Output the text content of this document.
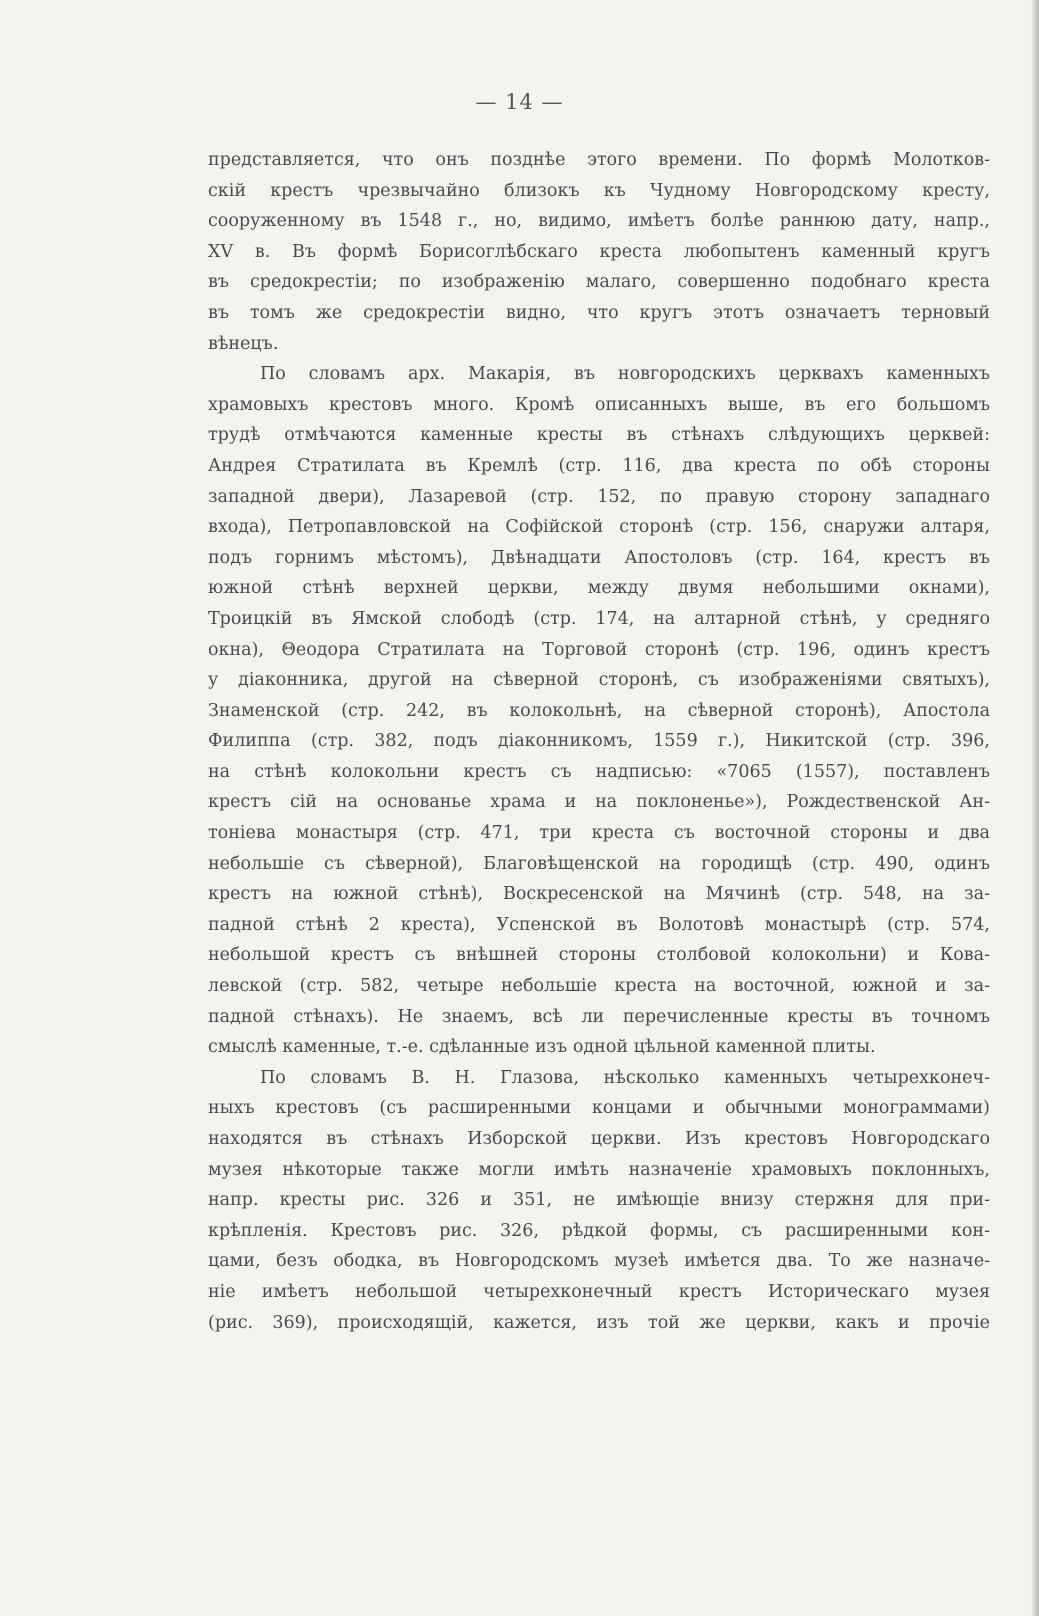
— 14 —
представляется, что онъ позднѣе этого времени. По формѣ Молотков-
скій крестъ чрезвычайно близокъ къ Чудному Новгородскому кресту,
сооруженному въ 1548 г., но, видимо, имѣетъ болѣе раннюю дату, напр.,
XV в. Въ формѣ Борисоглѣбскаго креста любопытенъ каменный кругъ
въ средокрестіи; по изображенію малаго, совершенно подобнаго креста
въ томъ же средокрестіи видно, что кругъ этотъ означаетъ терновый
вѣнецъ.
По словамъ арх. Макарія, въ новгородскихъ церквахъ каменныхъ
храмовыхъ крестовъ много. Кромѣ описанныхъ выше, въ его большомъ
трудѣ отмѣчаются каменные кресты въ стѣнахъ слѣдующихъ церквей:
Андрея Стратилата въ Кремлѣ (стр. 116, два креста по обѣ стороны
западной двери), Лазаревой (стр. 152, по правую сторону западнаго
входа), Петропавловской на Софійской сторонѣ (стр. 156, снаружи алтаря,
подъ горнимъ мѣстомъ), Двѣнадцати Апостоловъ (стр. 164, крестъ въ
южной стѣнѣ верхней церкви, между двумя небольшими окнами),
Троицкій въ Ямской слободѣ (стр. 174, на алтарной стѣнѣ, у средняго
окна), Θеодора Стратилата на Торговой сторонѣ (стр. 196, одинъ крестъ
у діаконника, другой на сѣверной сторонѣ, съ изображеніями святыхъ),
Знаменской (стр. 242, въ колокольнѣ, на сѣверной сторонѣ), Апостола
Филиппа (стр. 382, подъ діаконникомъ, 1559 г.), Никитской (стр. 396,
на стѣнѣ колокольни крестъ съ надписью: «7065 (1557), поставленъ
крестъ сій на основанье храма и на поклоненье»), Рождественской Ан-
тоніева монастыря (стр. 471, три креста съ восточной стороны и два
небольшіе съ сѣверной), Благовѣщенской на городищѣ (стр. 490, одинъ
крестъ на южной стѣнѣ), Воскресенской на Мячинѣ (стр. 548, на за-
падной стѣнѣ 2 креста), Успенской въ Волотовѣ монастырѣ (стр. 574,
небольшой крестъ съ внѣшней стороны столбовой колокольни) и Кова-
левской (стр. 582, четыре небольшіе креста на восточной, южной и за-
падной стѣнахъ). Не знаемъ, всѣ ли перечисленные кресты въ точномъ
смыслѣ каменные, т.-е. сдѣланные изъ одной цѣльной каменной плиты.
По словамъ В. Н. Глазова, нѣсколько каменныхъ четырехконеч-
ныхъ крестовъ (съ расширенными концами и обычными монограммами)
находятся въ стѣнахъ Изборской церкви. Изъ крестовъ Новгородскаго
музея нѣкоторые также могли имѣть назначеніе храмовыхъ поклонныхъ,
напр. кресты рис. 326 и 351, не имѣющіе внизу стержня для при-
крѣпленія. Крестовъ рис. 326, рѣдкой формы, съ расширенными кон-
цами, безъ ободка, въ Новгородскомъ музеѣ имѣется два. То же назначе-
ніе имѣетъ небольшой четырехконечный крестъ Историческаго музея
(рис. 369), происходящій, кажется, изъ той же церкви, какъ и прочіе
